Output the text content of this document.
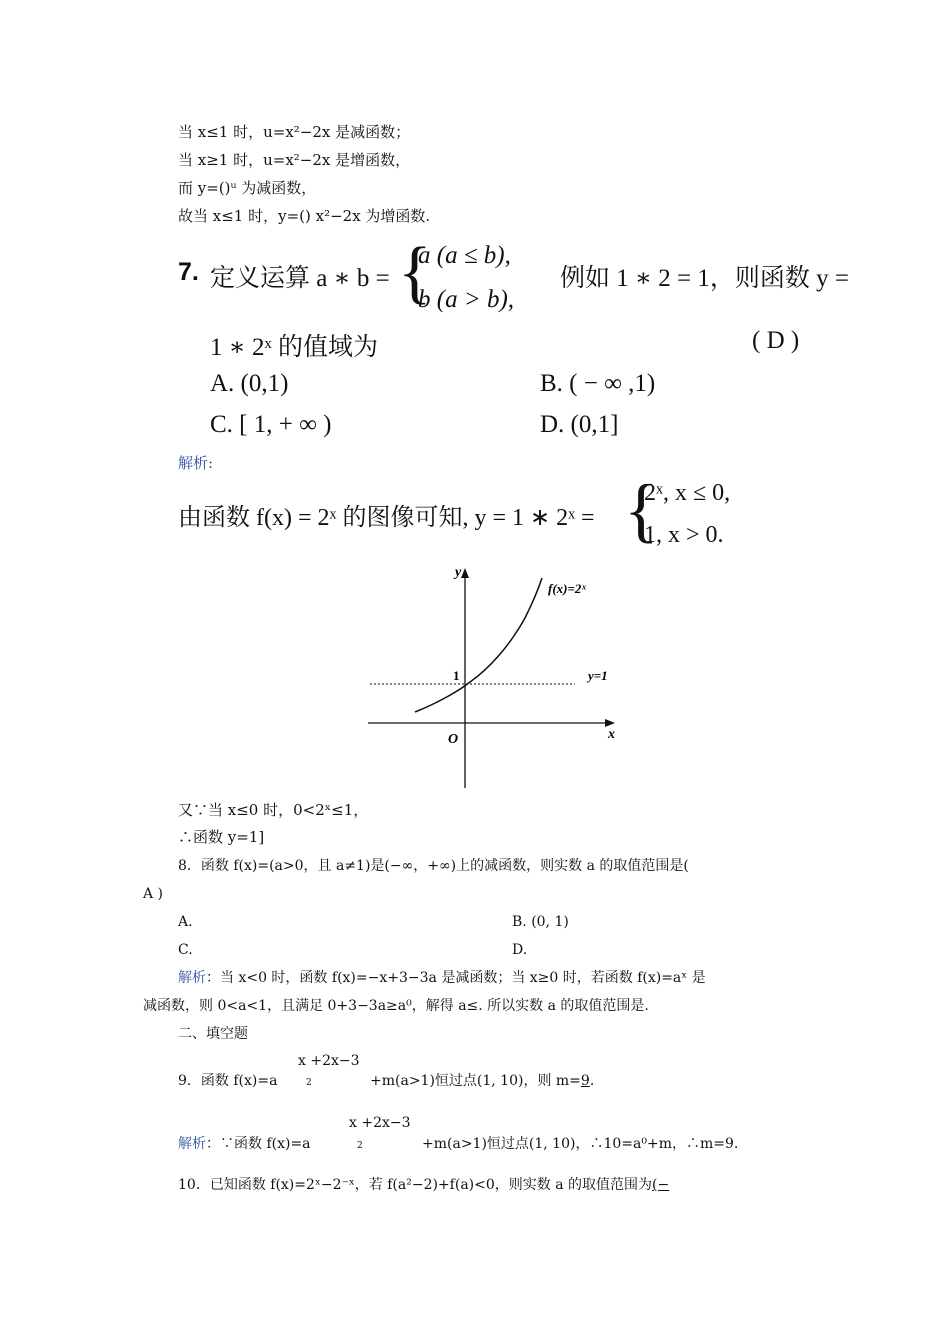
当 x≤1 时，u=x²−2x 是减函数；
当 x≥1 时，u=x²−2x 是增函数，
而 y=()ᵘ 为减函数，
故当 x≤1 时，y=() x²−2x 为增函数.
7. 定义运算 a ∗ b = {
a (a ≤ b),
b (a > b),
例如 1 ∗ 2 = 1，则函数 y =
1 ∗ 2ˣ 的值域为	( D )
A. (0,1)	B. ( − ∞ ,1)
C. [ 1, + ∞ )	D. (0,1]
解析:
由函数 f(x) = 2ˣ 的图像可知, y = 1 ∗ 2ˣ = {
2ˣ, x ≤ 0,
1, x > 0.
y
x
O
1
f(x)=2ˣ
y=1
又∵当 x≤0 时，0<2ˣ≤1，
∴函数 y=1]
8．函数 f(x)=(a>0，且 a≠1)是(−∞，+∞)上的减函数，则实数 a 的取值范围是(
A )
A.	B. (0, 1)
C.	D.
解析：当 x<0 时，函数 f(x)=−x+3−3a 是减函数；当 x≥0 时，若函数 f(x)=aˣ 是
减函数，则 0<a<1，且满足 0+3−3a≥a⁰，解得 a≤. 所以实数 a 的取值范围是.
二、填空题
x +2x−3
9．函数 f(x)=a	2	+m(a>1)恒过点(1, 10)，则 m=9.
x +2x−3
解析：∵函数 f(x)=a	2	+m(a>1)恒过点(1, 10)，∴10=a⁰+m，∴m=9.
10．已知函数 f(x)=2ˣ−2⁻ˣ，若 f(a²−2)+f(a)<0，则实数 a 的取值范围为(−
